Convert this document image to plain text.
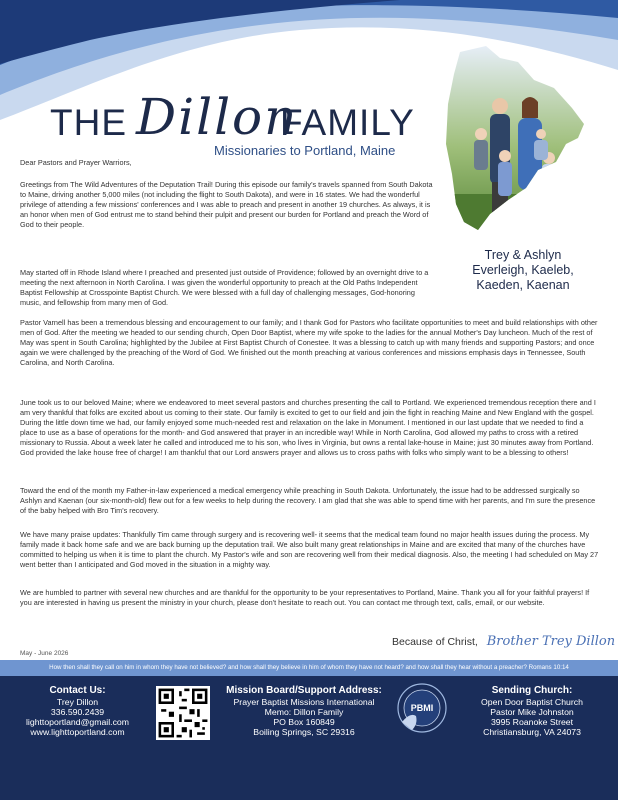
THE Dillon
FAMILY
Missionaries to Portland, Maine
Trey & Ashlyn
Everleigh, Kaeleb,
Kaeden, Kaenan

Dear Pastors and Prayer Warriors,

Greetings from The Wild Adventures of the Deputation Trail! During this episode our family's travels spanned from South Dakota to Maine, driving another 5,000 miles (not including the flight to South Dakota), and were in 16 states. We had the wonderful privilege of attending a few missions' conferences and I was able to preach and present in another 19 churches. As always, it is an honor when men of God entrust me to stand behind their pulpit and present our burden for Portland and preach the Word of God to their people.

May started off in Rhode Island where I preached and presented just outside of Providence; followed by an overnight drive to a meeting the next afternoon in North Carolina. I was given the wonderful opportunity to preach at the Old Paths Independent Baptist Fellowship at Crosspointe Baptist Church. We were blessed with a full day of challenging messages, God-honoring music, and fellowship from many men of God.

Pastor Varnell has been a tremendous blessing and encouragement to our family; and I thank God for Pastors who facilitate opportunities to meet and build relationships with other men of God. After the meeting we headed to our sending church, Open Door Baptist, where my wife spoke to the ladies for the annual Mother's Day luncheon. Much of the rest of May was spent in South Carolina; highlighted by the Jubilee at First Baptist Church of Conestee. It was a blessing to catch up with many friends and supporting Pastors; and once again we were challenged by the preaching of the Word of God. We finished out the month preaching at various conferences and missions emphasis days in Tennessee, South Carolina, and North Carolina.

June took us to our beloved Maine; where we endeavored to meet several pastors and churches presenting the call to Portland. We experienced tremendous reception there and I am very thankful that folks are excited about us coming to their state. Our family is excited to get to our field and join the fight in reaching Maine and New England with the gospel. During the little down time we had, our family enjoyed some much-needed rest and relaxation on the lake in Monument. I mentioned in our last update that we needed to find a place to use as a base of operations for the month- and God answered that prayer in an incredible way! While in North Carolina, God allowed my paths to cross with a retired missionary to Russia. About a week later he called and introduced me to his son, who lives in Virginia, but owns a rental lake-house in Maine; just 30 minutes away from Portland. God provided the lake house free of charge! I am thankful that our Lord answers prayer and allows us to cross paths with folks who simply want to be a blessing to others!

Toward the end of the month my Father-in-law experienced a medical emergency while preaching in South Dakota. Unfortunately, the issue had to be addressed surgically so Ashlyn and Kaenan (our six-month-old) flew out for a few weeks to help during the recovery. I am glad that she was able to spend time with her parents, and I'm sure the presence of the baby helped with Bro Tim's recovery.

We have many praise updates: Thankfully Tim came through surgery and is recovering well- it seems that the medical team found no major health issues during the process. My family made it back home safe and we are back burning up the deputation trail. We also built many great relationships in Maine and are excited that many of the churches have committed to helping us when it is time to plant the church. My Pastor's wife and son are recovering well from their medical diagnosis. Also, the meeting I had scheduled on May 27 went better than I anticipated and God moved in the situation in a mighty way.

We are humbled to partner with several new churches and are thankful for the opportunity to be your representatives to Portland, Maine. Thank you all for your faithful prayers! If you are interested in having us present the ministry in your church, please don't hesitate to reach out. You can contact me through text, calls, email, or our website.

Because of Christ, Brother Trey Dillon
May - June 2026
How then shall they call on him in whom they have not believed? and how shall they believe in him of whom they have not heard? and how shall they hear without a preacher? Romans 10:14
Contact Us:
Trey Dillon
336.590.2439
lighttoportland@gmail.com
www.lighttoportland.com
Mission Board/Support Address:
Prayer Baptist Missions International
Memo: Dillon Family
PO Box 160849
Boiling Springs, SC 29316
PBMI
Sending Church:
Open Door Baptist Church
Pastor Mike Johnston
3995 Roanoke Street
Christiansburg, VA 24073
